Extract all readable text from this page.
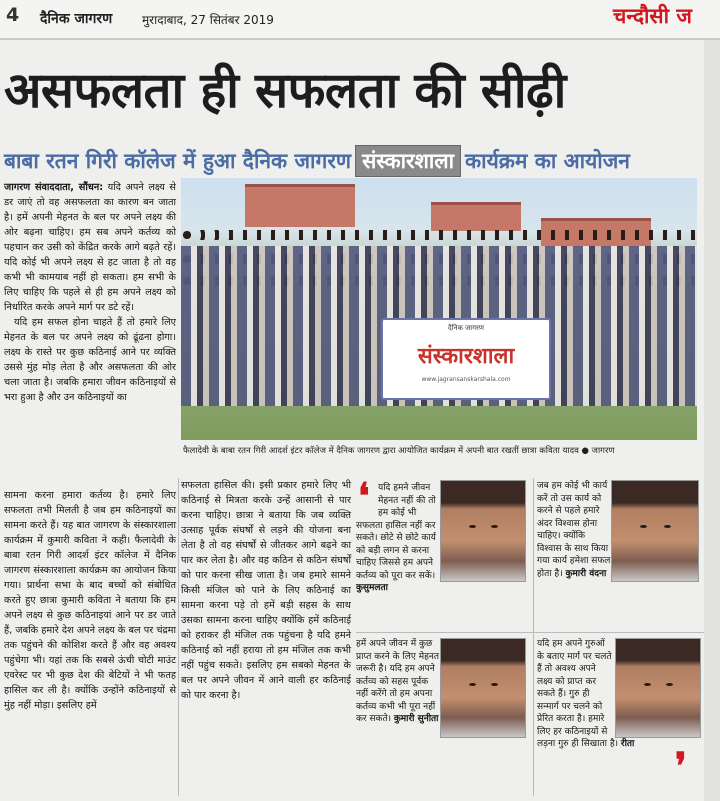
4 दैनिक जागरण मुरादाबाद, 27 सितंबर 2019	चन्दौसी ज
असफलता ही सफलता की सीढ़ी
बाबा रतन गिरी कॉलेज में हुआ दैनिक जागरण संस्कारशाला कार्यक्रम का आयोजन
दैनिक जागरण
संस्कारशाला
www.jagransanskarshala.com
फैलादेवी के बाबा रतन गिरी आदर्श इंटर कॉलेज में दैनिक जागरण द्वारा आयोजित कार्यक्रम में अपनी बात रखतीं छात्रा कविता यादव ● जागरण

जागरण संवाददाता, सौंधन: यदि अपने लक्ष्य से डर जाएं तो वह असफलता का कारण बन जाता है। हमें अपनी मेहनत के बल पर अपने लक्ष्य की ओर बढ़ना चाहिए। हम सब अपने कर्तव्य को पहचान कर उसी को केंद्रित करके आगे बढ़ते रहें। यदि कोई भी अपने लक्ष्य से हट जाता है तो वह कभी भी कामयाब नहीं हो सकता। हम सभी के लिए चाहिए कि पहले से ही हम अपने लक्ष्य को निर्धारित करके अपने मार्ग पर डटे रहें।

यदि हम सफल होना चाहते हैं तो हमारे लिए मेहनत के बल पर अपने लक्ष्य को ढूंढना होगा। लक्ष्य के रास्ते पर कुछ कठिनाई आने पर व्यक्ति उससे मुंह मोड़ लेता है और असफलता की ओर चला जाता है। जबकि हमारा जीवन कठिनाइयों से भरा हुआ है और उन कठिनाइयों का

सामना करना हमारा कर्तव्य है। हमारे लिए सफलता तभी मिलती है जब हम कठिनाइयों का सामना करते हैं। यह बात जागरण के संस्कारशाला कार्यक्रम में कुमारी कविता ने कही। फैलादेवी के बाबा रतन गिरी आदर्श इंटर कॉलेज में दैनिक जागरण संस्कारशाला कार्यक्रम का आयोजन किया गया। प्रार्थना सभा के बाद बच्चों को संबोधित करते हुए छात्रा कुमारी कविता ने बताया कि हम अपने लक्ष्य से कुछ कठिनाइयां आने पर डर जाते हैं, जबकि हमारे देश अपने लक्ष्य के बल पर चंद्रमा तक पहुंचने की कोशिश करते हैं और वह अवश्य पहुंचेगा भी। यहां तक कि सबसे ऊंची चोटी माउंट एवरेस्ट पर भी कुछ देश की बेटियों ने भी फतह हासिल कर ली है। क्योंकि उन्होंने कठिनाइयों से मुंह नहीं मोड़ा। इसलिए हमें

सफलता हासिल की। इसी प्रकार हमारे लिए भी कठिनाई से मित्रता करके उन्हें आसानी से पार करना चाहिए। छात्रा ने बताया कि जब व्यक्ति उत्साह पूर्वक संघर्षों से लड़ने की योजना बना लेता है तो वह संघर्षों से जीतकर आगे बढ़ने का पार कर लेता है। और वह कठिन से कठिन संघर्षों को पार करना सीख जाता है। जब हमारे सामने किसी मंजिल को पाने के लिए कठिनाई का सामना करना पड़े तो हमें बड़ी सहस के साथ उसका सामना करना चाहिए क्योंकि हमें कठिनाई को हराकर ही मंजिल तक पहुंचना है यदि हमने कठिनाई को नहीं हराया तो हम मंजिल तक कभी नहीं पहुंच सकते। इसलिए हम सबको मेहनत के बल पर अपने जीवन में आने वाली हर कठिनाई को पार करना है।

❛ यदि हमने जीवन मेहनत नहीं की तो हम कोई भी सफलता हासिल नहीं कर सकते। छोटे से छोटे कार्य को बड़ी लगन से करना चाहिए जिससे हम अपने कर्तव्य को पूरा कर सकें। कुसुमलता
जब हम कोई भी कार्य करें तो उस कार्य को करने से पहले हमारे अंदर विश्वास होना चाहिए। क्योंकि विश्वास के साथ किया गया कार्य हमेशा सफल होता है। कुमारी वंदना
हमें अपने जीवन में कुछ प्राप्त करने के लिए मेहनत जरूरी है। यदि हम अपने कर्तव्य को सहस पूर्वक नहीं करेंगे तो हम अपना कर्तव्य कभी भी पूरा नहीं कर सकते। कुमारी सुनीता
यदि हम अपने गुरुओं के बताए मार्ग पर चलते हैं तो अवश्य अपने लक्ष्य को प्राप्त कर सकते हैं। गुरु ही सन्मार्ग पर चलने को प्रेरित करता है। हमारे लिए हर कठिनाइयों से लड़ना गुरु ही सिखाता है। रीता
❜
